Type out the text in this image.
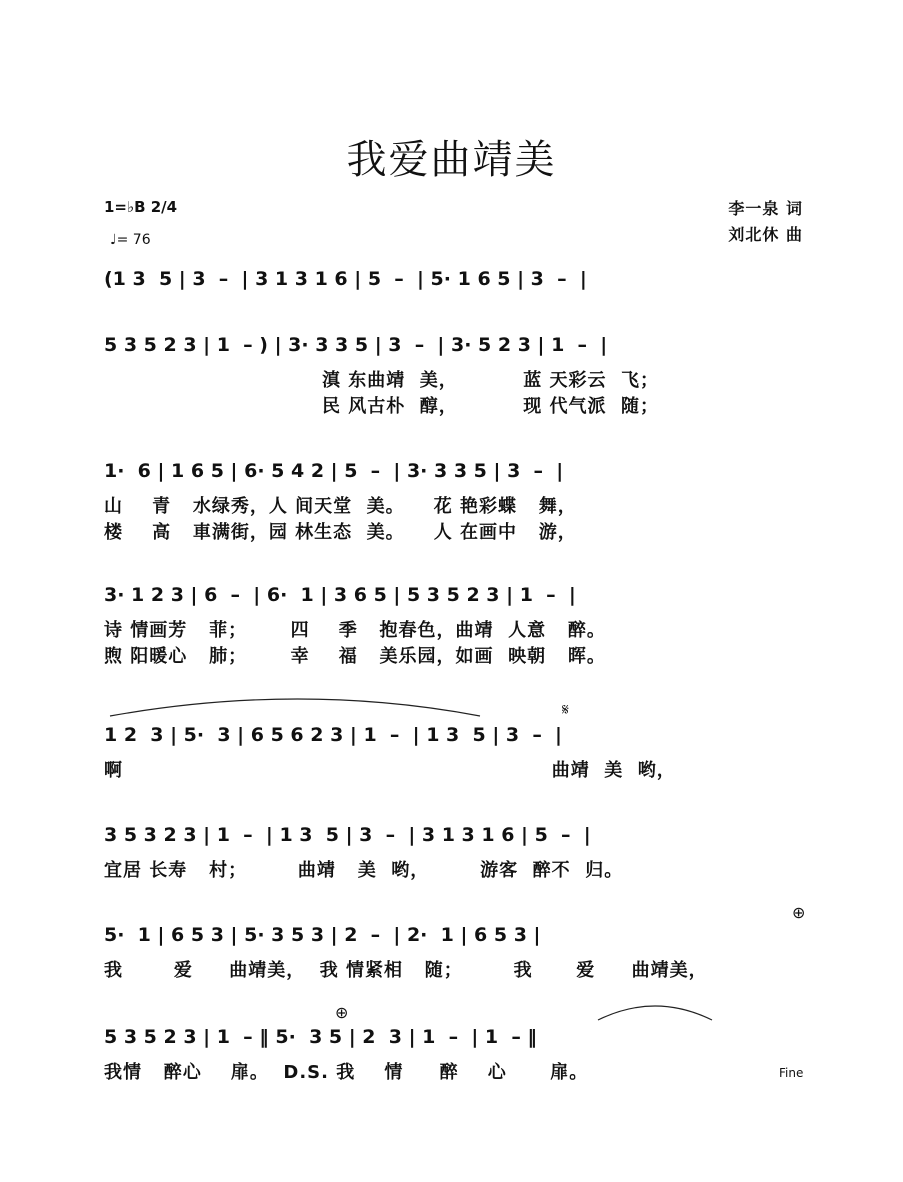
我爱曲靖美
1=♭B 2/4
♩= 76
李一泉 词
刘北休 曲
(1 3  5 | 3  –  | 3 1 3 1 6 | 5  –  | 5· 1 6 5 | 3  –  |
5 3 5 2 3 | 1  – ) | 3· 3 3 5 | 3  –  | 3· 5 2 3 | 1  –  |
滇 东曲靖  美，         蓝 天彩云  飞；
民 风古朴  醇，         现 代气派  随；
1·  6 | 1 6 5 | 6· 5 4 2 | 5  –  | 3· 3 3 5 | 3  –  |
山    青   水绿秀，人 间天堂  美。    花 艳彩蝶   舞，
楼    高   車满街，园 林生态  美。    人 在画中   游，
3· 1 2 3 | 6  –  | 6·  1 | 3 6 5 | 5 3 5 2 3 | 1  –  |
诗 情画芳   菲；      四    季   抱春色，曲靖  人意   醉。
煦 阳暖心   肺；      幸    福   美乐园，如画  映朝   晖。
1 2  3 | 5·  3 | 6 5 6 2 3 | 1  –  | 1 3  5 | 3  –  |
𝄋
啊                                                           曲靖  美  哟，
3 5 3 2 3 | 1  –  | 1 3  5 | 3  –  | 3 1 3 1 6 | 5  –  |
宜居 长寿   村；       曲靖   美  哟，       游客  醉不  归。
5·  1 | 6 5 3 | 5· 3 5 3 | 2  –  | 2·  1 | 6 5 3 |
⊕
我       爱     曲靖美，  我 情紧相   随；       我      爱     曲靖美，
5 3 5 2 3 | 1  – ‖ 5·  3 5 | 2  3 | 1  –  | 1  – ‖
⊕
我情   醉心    扉。  D.S. 我    情     醉    心      扉。	Fine
